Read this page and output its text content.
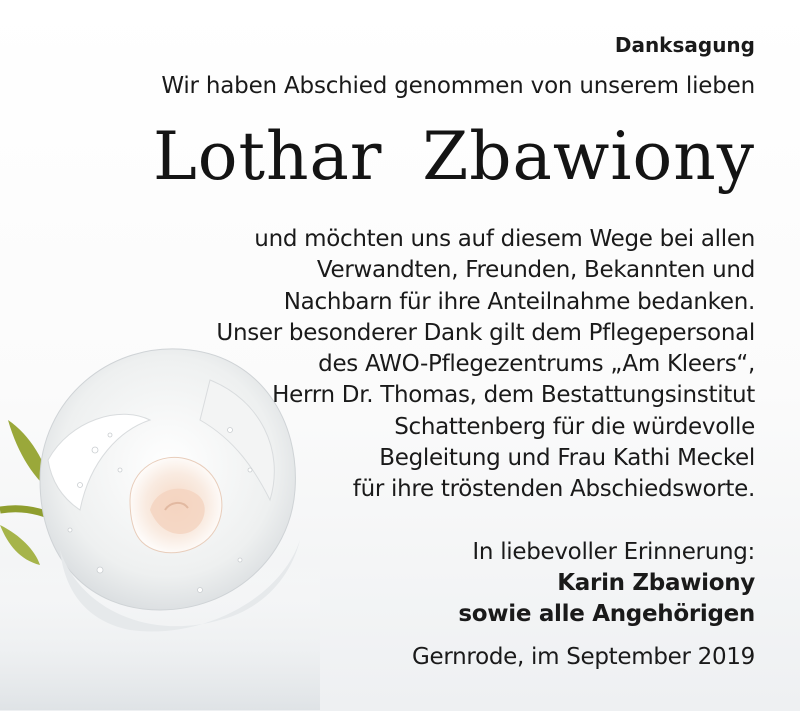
Danksagung
Wir haben Abschied genommen von unserem lieben
Lothar Zbawiony
und möchten uns auf diesem Wege bei allen
Verwandten, Freunden, Bekannten und
Nachbarn für ihre Anteilnahme bedanken.
Unser besonderer Dank gilt dem Pflegepersonal
des AWO-Pflegezentrums „Am Kleers“,
Herrn Dr. Thomas, dem Bestattungsinstitut
Schattenberg für die würdevolle
Begleitung und Frau Kathi Meckel
für ihre tröstenden Abschiedsworte.
In liebevoller Erinnerung:
Karin Zbawiony
sowie alle Angehörigen
Gernrode, im September 2019
